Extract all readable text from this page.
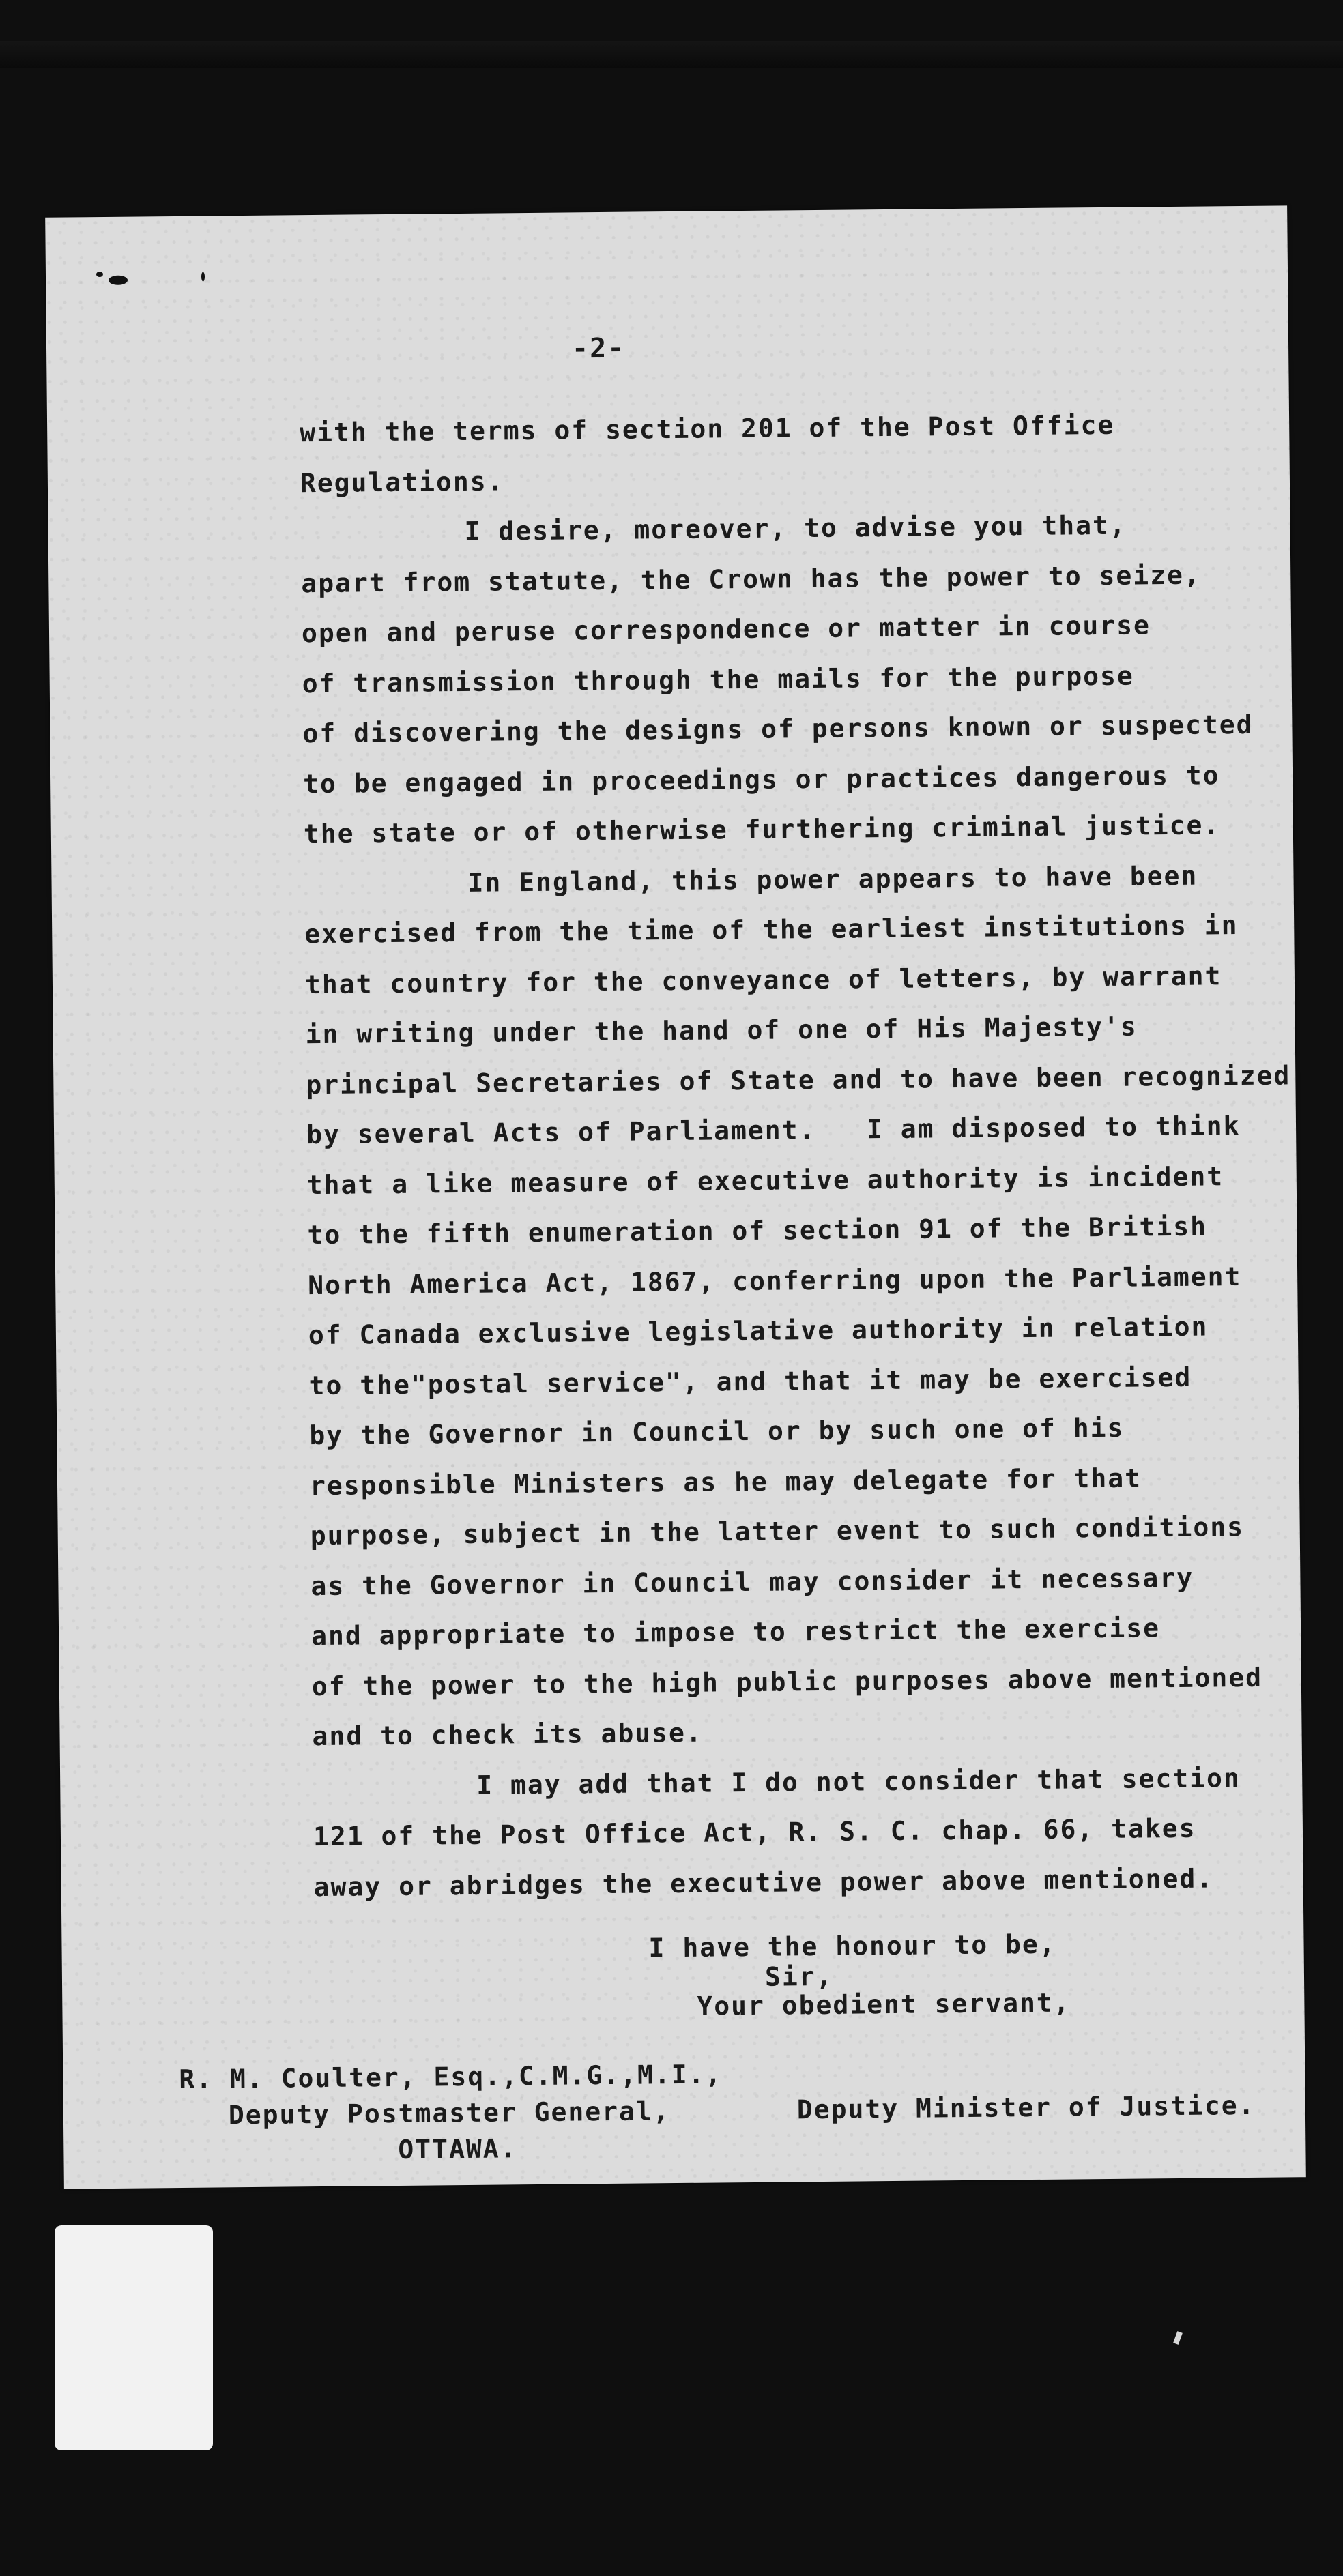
-2-
with the terms of section 201 of the Post Office
Regulations.
I desire, moreover, to advise you that,
apart from statute, the Crown has the power to seize,
open and peruse correspondence or matter in course
of transmission through the mails for the purpose
of discovering the designs of persons known or suspected
to be engaged in proceedings or practices dangerous to
the state or of otherwise furthering criminal justice.
In England, this power appears to have been
exercised from the time of the earliest institutions in
that country for the conveyance of letters, by warrant
in writing under the hand of one of His Majesty's
principal Secretaries of State and to have been recognized
by several Acts of Parliament.   I am disposed to think
that a like measure of executive authority is incident
to the fifth enumeration of section 91 of the British
North America Act, 1867, conferring upon the Parliament
of Canada exclusive legislative authority in relation
to the"postal service", and that it may be exercised
by the Governor in Council or by such one of his
responsible Ministers as he may delegate for that
purpose, subject in the latter event to such conditions
as the Governor in Council may consider it necessary
and appropriate to impose to restrict the exercise
of the power to the high public purposes above mentioned
and to check its abuse.
I may add that I do not consider that section
121 of the Post Office Act, R. S. C. chap. 66, takes
away or abridges the executive power above mentioned.
I have the honour to be,
Sir,
Your obedient servant,
R. M. Coulter, Esq.,C.M.G.,M.I.,
Deputy Postmaster General,
OTTAWA.
Deputy Minister of Justice.
